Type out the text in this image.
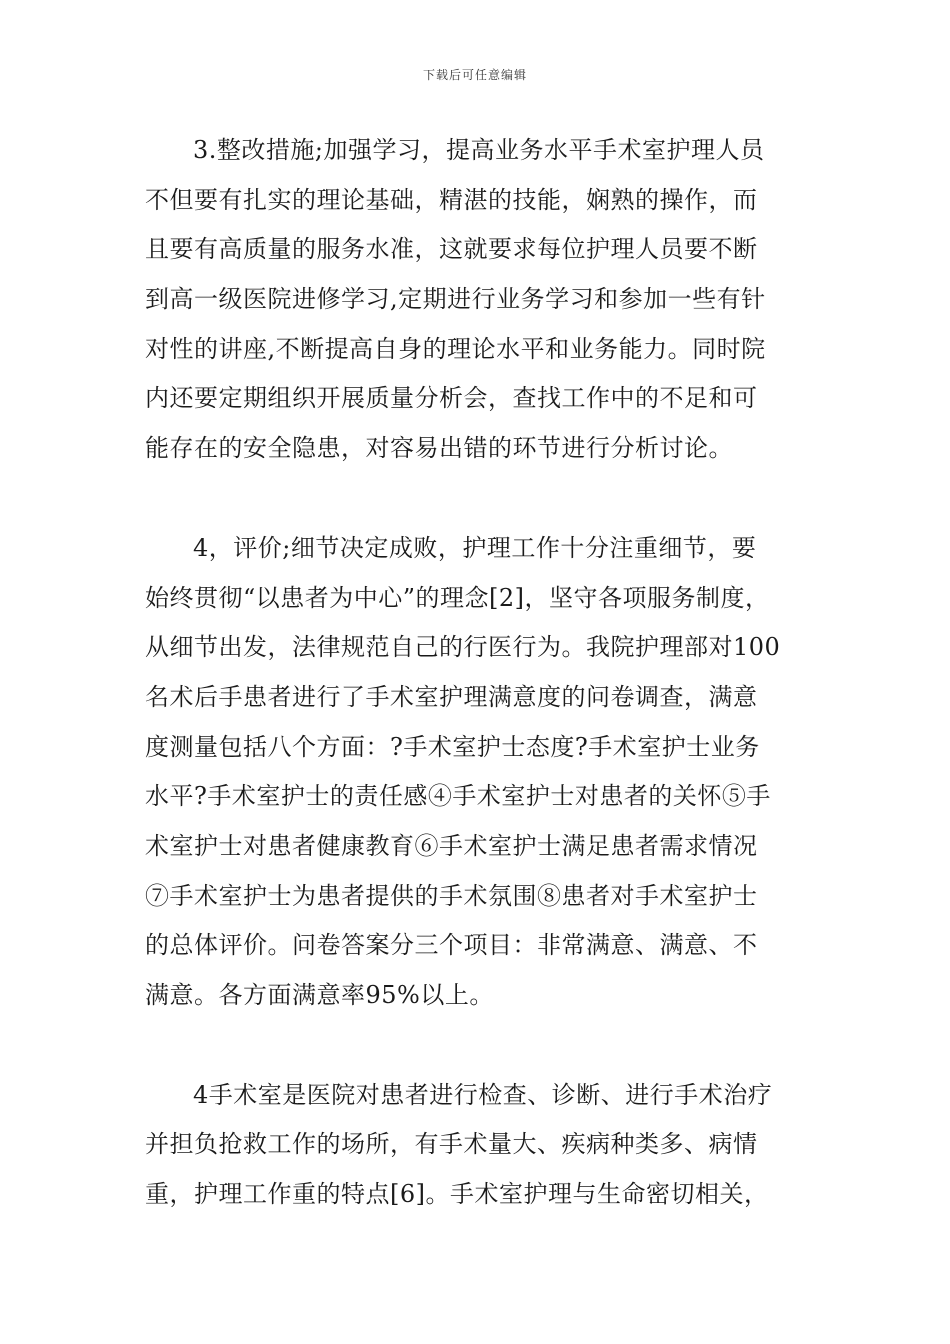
下载后可任意编辑
3.整改措施;加强学习，提高业务水平手术室护理人员
不但要有扎实的理论基础，精湛的技能，娴熟的操作，而
且要有高质量的服务水准，这就要求每位护理人员要不断
到高一级医院进修学习,定期进行业务学习和参加一些有针
对性的讲座,不断提高自身的理论水平和业务能力。同时院
内还要定期组织开展质量分析会，查找工作中的不足和可
能存在的安全隐患，对容易出错的环节进行分析讨论。
4，评价;细节决定成败，护理工作十分注重细节，要
始终贯彻“以患者为中心”的理念[2]，坚守各项服务制度，
从细节出发，法律规范自己的行医行为。我院护理部对100
名术后手患者进行了手术室护理满意度的问卷调查，满意
度测量包括八个方面：?手术室护士态度?手术室护士业务
水平?手术室护士的责任感④手术室护士对患者的关怀⑤手
术室护士对患者健康教育⑥手术室护士满足患者需求情况
⑦手术室护士为患者提供的手术氛围⑧患者对手术室护士
的总体评价。问卷答案分三个项目：非常满意、满意、不
满意。各方面满意率95%以上。
4手术室是医院对患者进行检查、诊断、进行手术治疗
并担负抢救工作的场所，有手术量大、疾病种类多、病情
重，护理工作重的特点[6]。手术室护理与生命密切相关，
